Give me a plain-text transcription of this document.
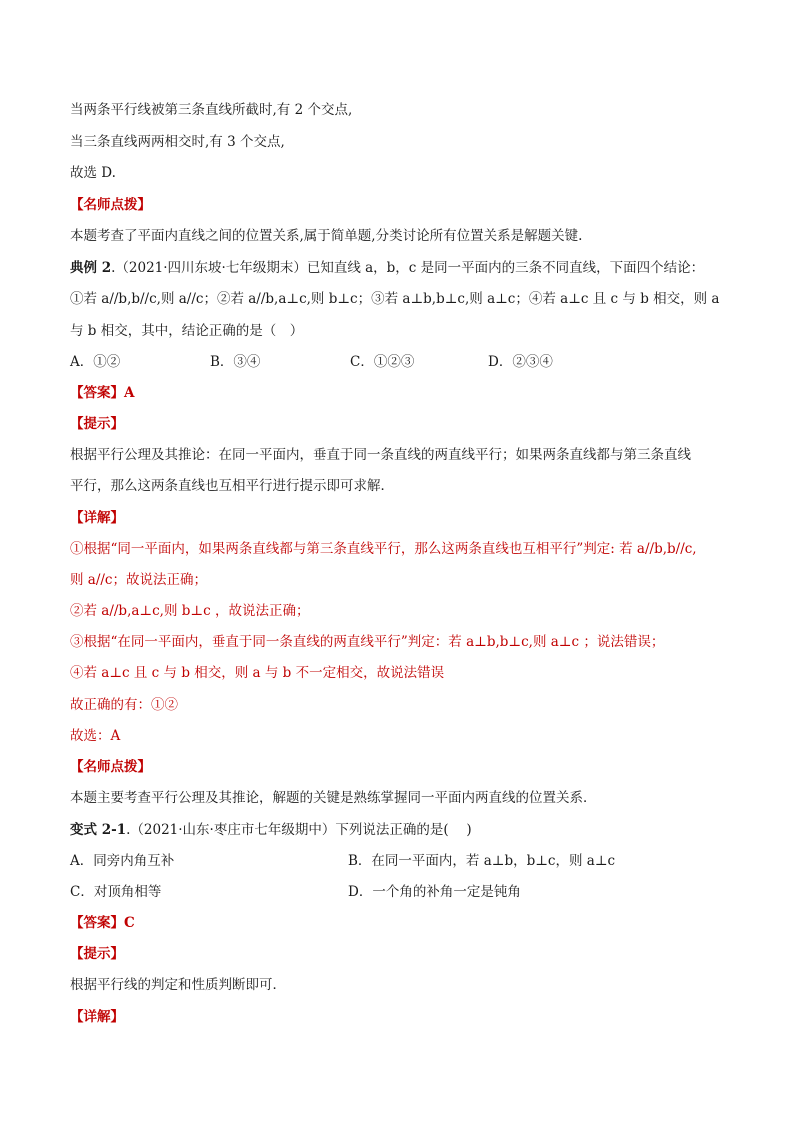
当两条平行线被第三条直线所截时,有 2 个交点,
当三条直线两两相交时,有 3 个交点,
故选 D.
【名师点拨】
本题考查了平面内直线之间的位置关系,属于简单题,分类讨论所有位置关系是解题关键.
典例 2.（2021·四川东坡·七年级期末）已知直线 a，b，c 是同一平面内的三条不同直线，下面四个结论：
①若 a//b,b//c,则 a//c；②若 a//b,a⊥c,则 b⊥c；③若 a⊥b,b⊥c,则 a⊥c；④若 a⊥c 且 c 与 b 相交，则 a
与 b 相交，其中，结论正确的是（　）
A．①②	B．③④	C．①②③	D．②③④
【答案】A
【提示】
根据平行公理及其推论：在同一平面内，垂直于同一条直线的两直线平行；如果两条直线都与第三条直线
平行，那么这两条直线也互相平行进行提示即可求解．
【详解】
①根据“同一平面内，如果两条直线都与第三条直线平行，那么这两条直线也互相平行”判定: 若 a//b,b//c,
则 a//c；故说法正确；
②若 a//b,a⊥c,则 b⊥c ，故说法正确；
③根据“在同一平面内，垂直于同一条直线的两直线平行”判定：若 a⊥b,b⊥c,则 a⊥c ；说法错误；
④若 a⊥c 且 c 与 b 相交，则 a 与 b 不一定相交，故说法错误
故正确的有：①②
故选：A
【名师点拨】
本题主要考查平行公理及其推论，解题的关键是熟练掌握同一平面内两直线的位置关系．
变式 2-1.（2021·山东·枣庄市七年级期中）下列说法正确的是(　 )
A．同旁内角互补	B．在同一平面内，若 a⊥b，b⊥c，则 a⊥c
C．对顶角相等	D．一个角的补角一定是钝角
【答案】C
【提示】
根据平行线的判定和性质判断即可．
【详解】
